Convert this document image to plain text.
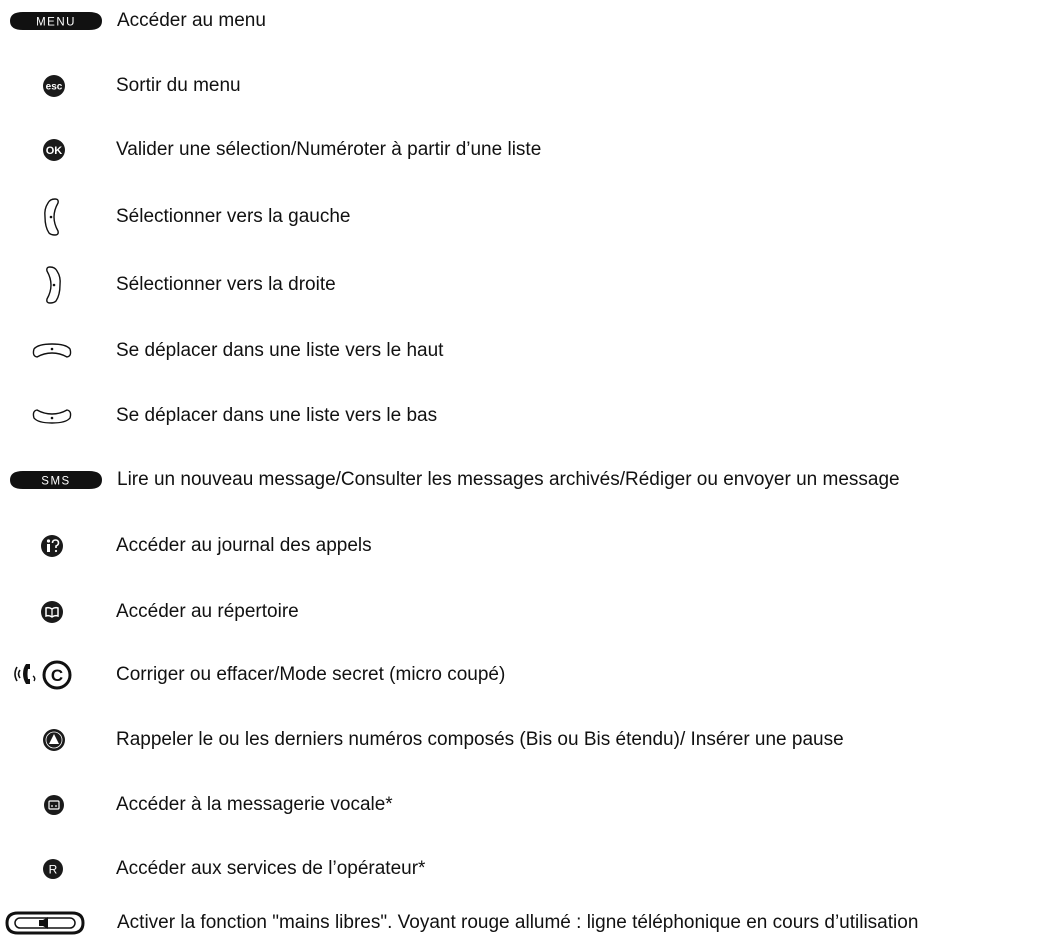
MENU Accéder au menu
esc	Sortir du menu
OK	Valider une sélection/Numéroter à partir d’une liste
Sélectionner vers la gauche
Sélectionner vers la droite
Se déplacer dans une liste vers le haut
Se déplacer dans une liste vers le bas
SMS Lire un nouveau message/Consulter les messages archivés/Rédiger ou envoyer un message
Accéder au journal des appels
Accéder au répertoire
C	Corriger ou effacer/Mode secret (micro coupé)
Rappeler le ou les derniers numéros composés (Bis ou Bis étendu)/ Insérer une pause
Accéder à la messagerie vocale*
R	Accéder aux services de l’opérateur*
Activer la fonction "mains libres". Voyant rouge allumé : ligne téléphonique en cours d’utilisation
